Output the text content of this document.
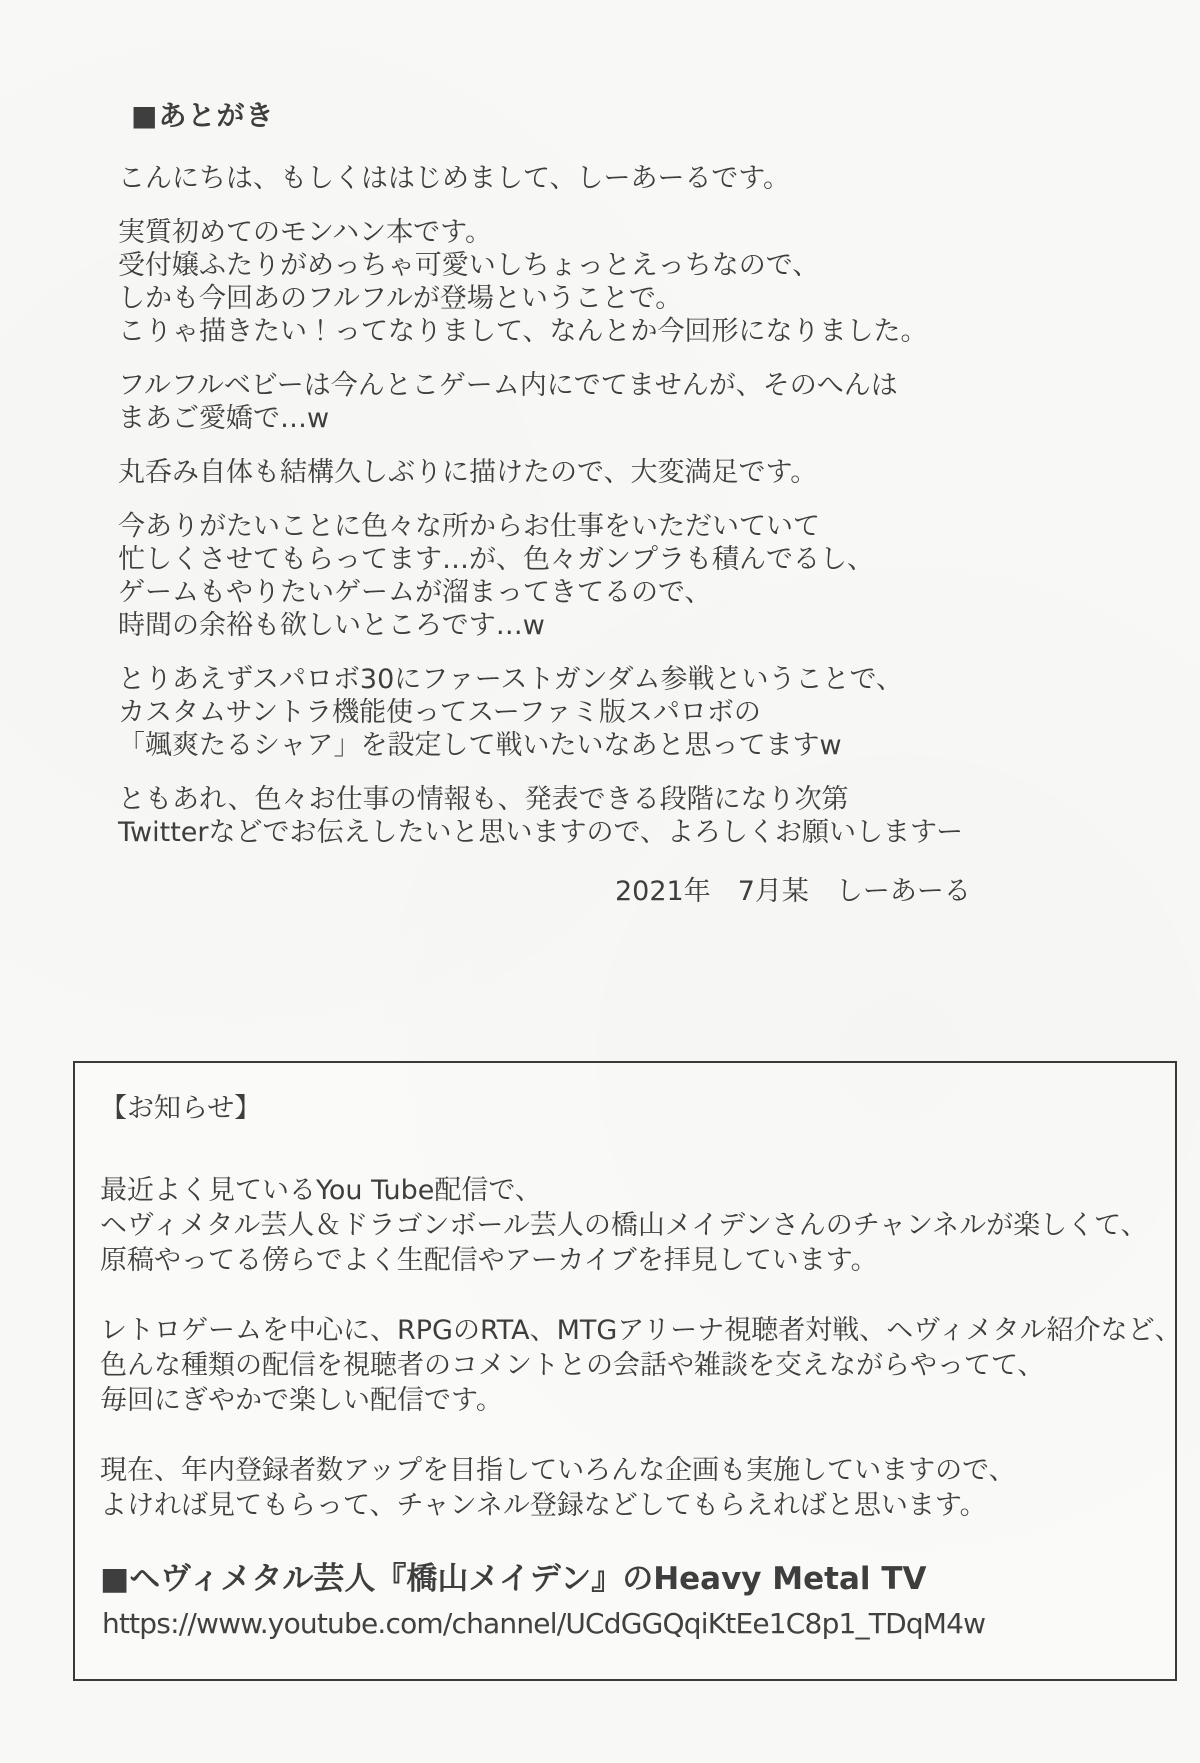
■あとがき

こんにちは、もしくははじめまして、しーあーるです。

実質初めてのモンハン本です。
受付嬢ふたりがめっちゃ可愛いしちょっとえっちなので、
しかも今回あのフルフルが登場ということで。
こりゃ描きたい！ってなりまして、なんとか今回形になりました。

フルフルベビーは今んとこゲーム内にでてませんが、そのへんは
まあご愛嬌で…w

丸呑み自体も結構久しぶりに描けたので、大変満足です。

今ありがたいことに色々な所からお仕事をいただいていて
忙しくさせてもらってます…が、色々ガンプラも積んでるし、
ゲームもやりたいゲームが溜まってきてるので、
時間の余裕も欲しいところです…w

とりあえずスパロボ30にファーストガンダム参戦ということで、
カスタムサントラ機能使ってスーファミ版スパロボの
「颯爽たるシャア」を設定して戦いたいなあと思ってますw

ともあれ、色々お仕事の情報も、発表できる段階になり次第
Twitterなどでお伝えしたいと思いますので、よろしくお願いしますー

2021年　7月某　しーあーる

【お知らせ】

最近よく見ているYou Tube配信で、
ヘヴィメタル芸人＆ドラゴンボール芸人の橋山メイデンさんのチャンネルが楽しくて、
原稿やってる傍らでよく生配信やアーカイブを拝見しています。

レトロゲームを中心に、RPGのRTA、MTGアリーナ視聴者対戦、ヘヴィメタル紹介など、
色んな種類の配信を視聴者のコメントとの会話や雑談を交えながらやってて、
毎回にぎやかで楽しい配信です。

現在、年内登録者数アップを目指していろんな企画も実施していますので、
よければ見てもらって、チャンネル登録などしてもらえればと思います。

■ヘヴィメタル芸人『橋山メイデン』のHeavy Metal TV

https://www.youtube.com/channel/UCdGGQqiKtEe1C8p1_TDqM4w
